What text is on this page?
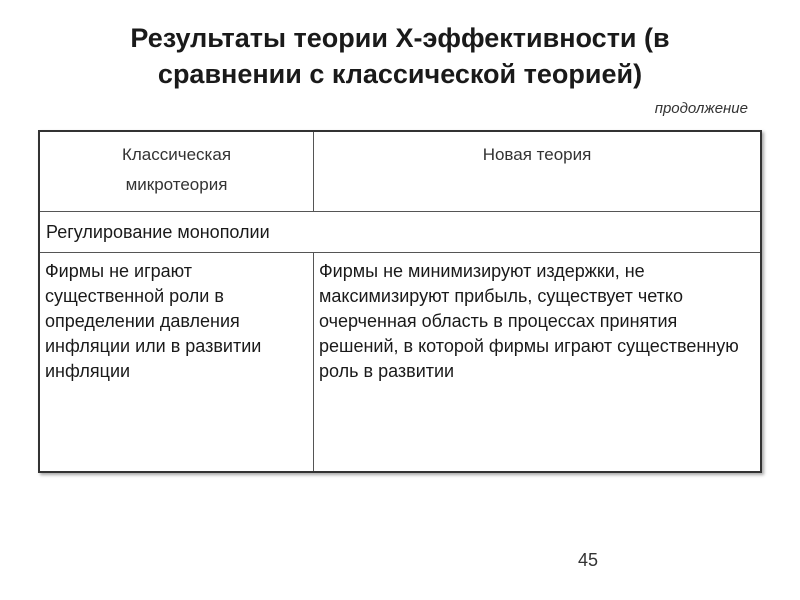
Результаты теории Х-эффективности (в сравнении с классической теорией)
продолжение
Классическая микротеория	Новая теория
Регулирование монополии	

Фирмы не играют существенной роли в определении давления инфляции или в развитии инфляции	Фирмы не минимизируют издержки, не максимизируют прибыль, существует четко очерченная область в процессах принятия решений, в которой фирмы играют существенную роль в развитии
45
